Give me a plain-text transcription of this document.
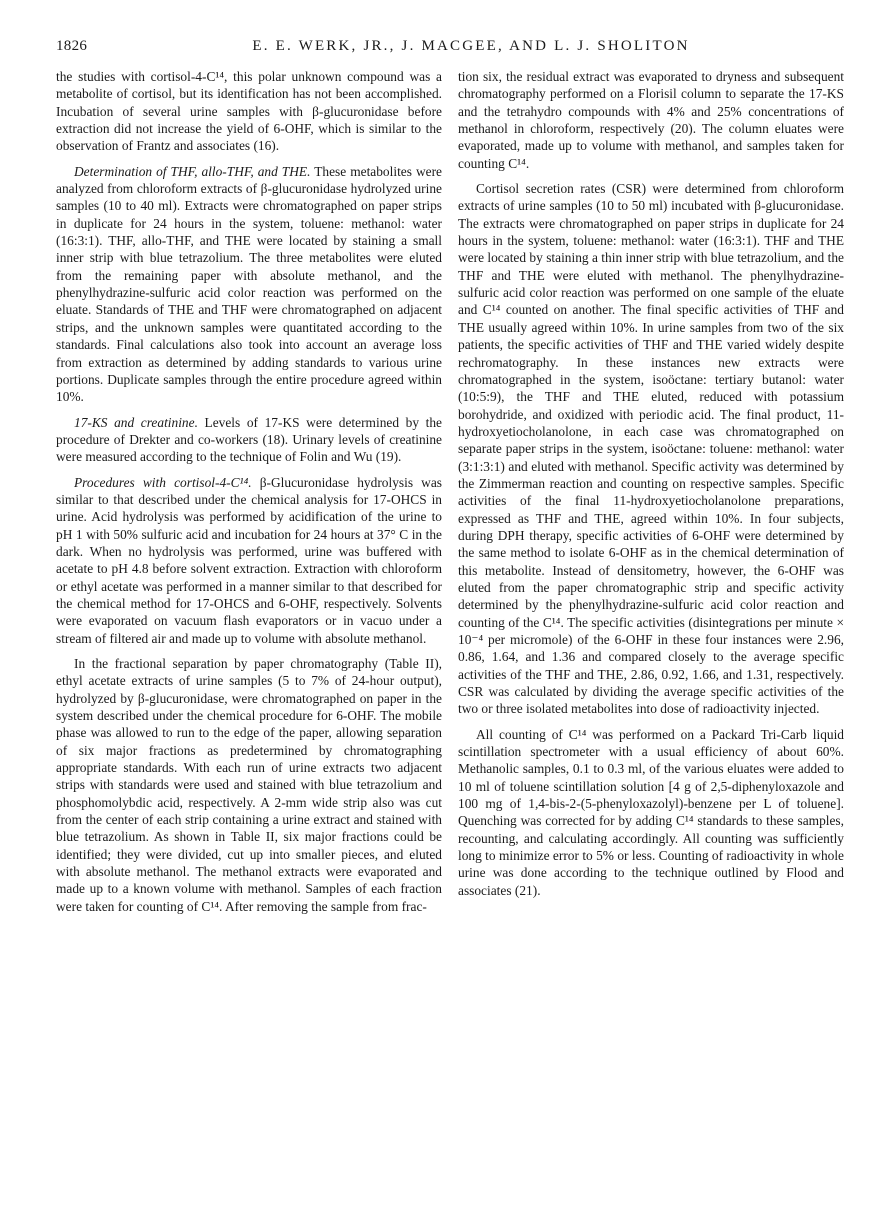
1826	E. E. WERK, JR., J. MACGEE, AND L. J. SHOLITON

the studies with cortisol-4-C¹⁴, this polar unknown compound was a metabolite of cortisol, but its identification has not been accomplished. Incubation of several urine samples with β-glucuronidase before extraction did not increase the yield of 6-OHF, which is similar to the observation of Frantz and associates (16).

Determination of THF, allo-THF, and THE. These metabolites were analyzed from chloroform extracts of β-glucuronidase hydrolyzed urine samples (10 to 40 ml). Extracts were chromatographed on paper strips in duplicate for 24 hours in the system, toluene: methanol: water (16:3:1). THF, allo-THF, and THE were located by staining a small inner strip with blue tetrazolium. The three metabolites were eluted from the remaining paper with absolute methanol, and the phenylhydrazine-sulfuric acid color reaction was performed on the eluate. Standards of THE and THF were chromatographed on adjacent strips, and the unknown samples were quantitated according to the standards. Final calculations also took into account an average loss from extraction as determined by adding standards to various urine portions. Duplicate samples through the entire procedure agreed within 10%.

17-KS and creatinine. Levels of 17-KS were determined by the procedure of Drekter and co-workers (18). Urinary levels of creatinine were measured according to the technique of Folin and Wu (19).

Procedures with cortisol-4-C¹⁴. β-Glucuronidase hydrolysis was similar to that described under the chemical analysis for 17-OHCS in urine. Acid hydrolysis was performed by acidification of the urine to pH 1 with 50% sulfuric acid and incubation for 24 hours at 37° C in the dark. When no hydrolysis was performed, urine was buffered with acetate to pH 4.8 before solvent extraction. Extraction with chloroform or ethyl acetate was performed in a manner similar to that described for the chemical method for 17-OHCS and 6-OHF, respectively. Solvents were evaporated on vacuum flash evaporators or in vacuo under a stream of filtered air and made up to volume with absolute methanol.

In the fractional separation by paper chromatography (Table II), ethyl acetate extracts of urine samples (5 to 7% of 24-hour output), hydrolyzed by β-glucuronidase, were chromatographed on paper in the system described under the chemical procedure for 6-OHF. The mobile phase was allowed to run to the edge of the paper, allowing separation of six major fractions as predetermined by chromatographing appropriate standards. With each run of urine extracts two adjacent strips with standards were used and stained with blue tetrazolium and phosphomolybdic acid, respectively. A 2-mm wide strip also was cut from the center of each strip containing a urine extract and stained with blue tetrazolium. As shown in Table II, six major fractions could be identified; they were divided, cut up into smaller pieces, and eluted with absolute methanol. The methanol extracts were evaporated and made up to a known volume with methanol. Samples of each fraction were taken for counting of C¹⁴. After removing the sample from frac-

tion six, the residual extract was evaporated to dryness and subsequent chromatography performed on a Florisil column to separate the 17-KS and the tetrahydro compounds with 4% and 25% concentrations of methanol in chloroform, respectively (20). The column eluates were evaporated, made up to volume with methanol, and samples taken for counting C¹⁴.

Cortisol secretion rates (CSR) were determined from chloroform extracts of urine samples (10 to 50 ml) incubated with β-glucuronidase. The extracts were chromatographed on paper strips in duplicate for 24 hours in the system, toluene: methanol: water (16:3:1). THF and THE were located by staining a thin inner strip with blue tetrazolium, and the THF and THE were eluted with methanol. The phenylhydrazine-sulfuric acid color reaction was performed on one sample of the eluate and C¹⁴ counted on another. The final specific activities of THF and THE usually agreed within 10%. In urine samples from two of the six patients, the specific activities of THF and THE varied widely despite rechromatography. In these instances new extracts were chromatographed in the system, isoöctane: tertiary butanol: water (10:5:9), the THF and THE eluted, reduced with potassium borohydride, and oxidized with periodic acid. The final product, 11-hydroxyetiocholanolone, in each case was chromatographed on separate paper strips in the system, isoöctane: toluene: methanol: water (3:1:3:1) and eluted with methanol. Specific activity was determined by the Zimmerman reaction and counting on respective samples. Specific activities of the final 11-hydroxyetiocholanolone preparations, expressed as THF and THE, agreed within 10%. In four subjects, during DPH therapy, specific activities of 6-OHF were determined by the same method to isolate 6-OHF as in the chemical determination of this metabolite. Instead of densitometry, however, the 6-OHF was eluted from the paper chromatographic strip and specific activity determined by the phenylhydrazine-sulfuric acid color reaction and counting of the C¹⁴. The specific activities (disintegrations per minute × 10⁻⁴ per micromole) of the 6-OHF in these four instances were 2.96, 0.86, 1.64, and 1.36 and compared closely to the average specific activities of the THF and THE, 2.86, 0.92, 1.66, and 1.31, respectively. CSR was calculated by dividing the average specific activities of the two or three isolated metabolites into dose of radioactivity injected.

All counting of C¹⁴ was performed on a Packard Tri-Carb liquid scintillation spectrometer with a usual efficiency of about 60%. Methanolic samples, 0.1 to 0.3 ml, of the various eluates were added to 10 ml of toluene scintillation solution [4 g of 2,5-diphenyloxazole and 100 mg of 1,4-bis-2-(5-phenyloxazolyl)-benzene per L of toluene]. Quenching was corrected for by adding C¹⁴ standards to these samples, recounting, and calculating accordingly. All counting was sufficiently long to minimize error to 5% or less. Counting of radioactivity in whole urine was done according to the technique outlined by Flood and associates (21).
